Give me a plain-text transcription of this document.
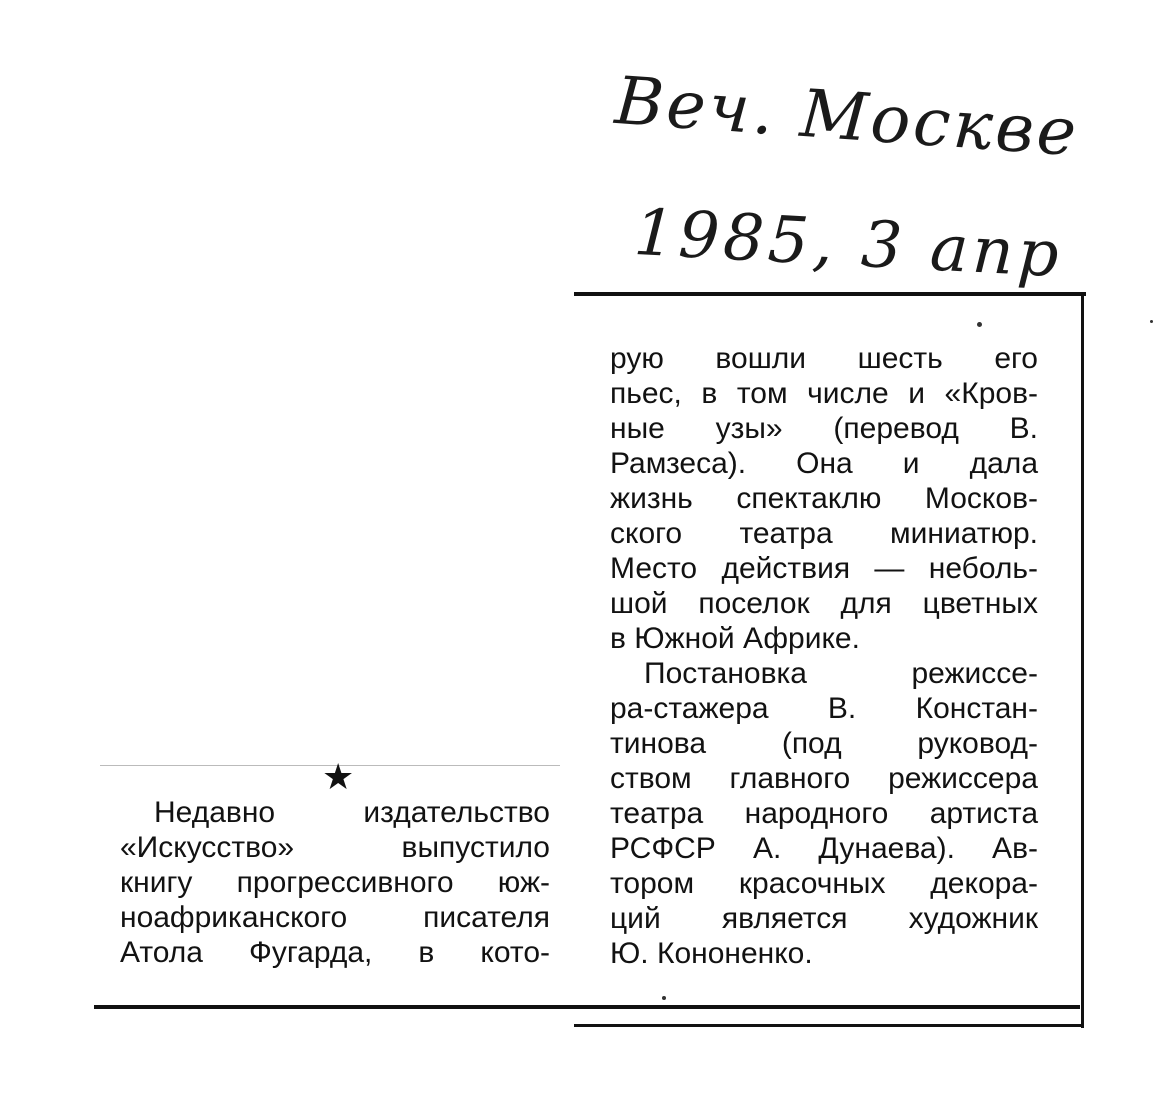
Веч. Москве
1985, 3 апр
★
рую вошли шесть его
пьес, в том числе и «Кров-
ные узы» (перевод В.
Рамзеса). Она и дала
жизнь спектаклю Москов-
ского театра миниатюр.
Место действия — неболь-
шой поселок для цветных
в Южной Африке.
Постановка режиссе-
ра-стажера В. Констан-
тинова (под руковод-
ством главного режиссера
театра народного артиста
РСФСР А. Дунаева). Ав-
тором красочных декора-
ций является художник
Ю. Кононенко.
Недавно издательство
«Искусство» выпустило
книгу прогрессивного юж-
ноафриканского писателя
Атола Фугарда, в кото-
